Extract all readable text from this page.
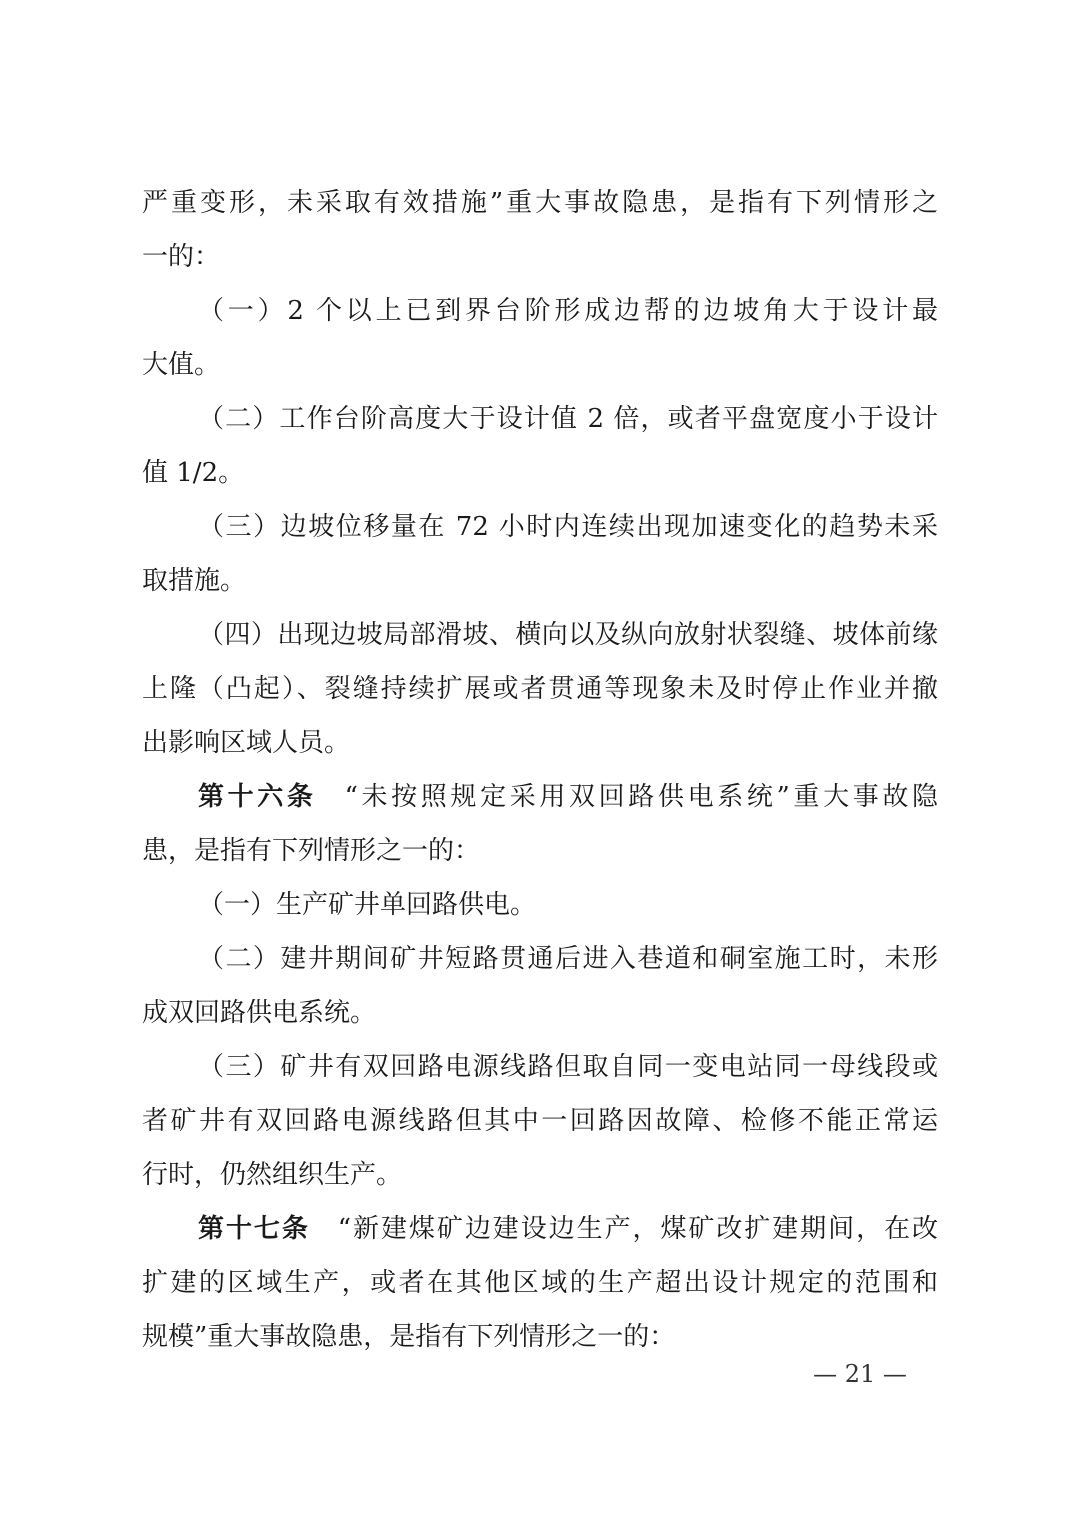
严重变形，未采取有效措施”重大事故隐患，是指有下列情形之
一的：
（一）2 个以上已到界台阶形成边帮的边坡角大于设计最
大值。
（二）工作台阶高度大于设计值 2 倍，或者平盘宽度小于设计
值 1/2。
（三）边坡位移量在 72 小时内连续出现加速变化的趋势未采
取措施。
（四）出现边坡局部滑坡、横向以及纵向放射状裂缝、坡体前缘
上隆（凸起）、裂缝持续扩展或者贯通等现象未及时停止作业并撤
出影响区域人员。
第十六条 “未按照规定采用双回路供电系统”重大事故隐
患，是指有下列情形之一的：
（一）生产矿井单回路供电。
（二）建井期间矿井短路贯通后进入巷道和硐室施工时，未形
成双回路供电系统。
（三）矿井有双回路电源线路但取自同一变电站同一母线段或
者矿井有双回路电源线路但其中一回路因故障、检修不能正常运
行时，仍然组织生产。
第十七条 “新建煤矿边建设边生产，煤矿改扩建期间，在改
扩建的区域生产，或者在其他区域的生产超出设计规定的范围和
规模”重大事故隐患，是指有下列情形之一的：
— 21 —
